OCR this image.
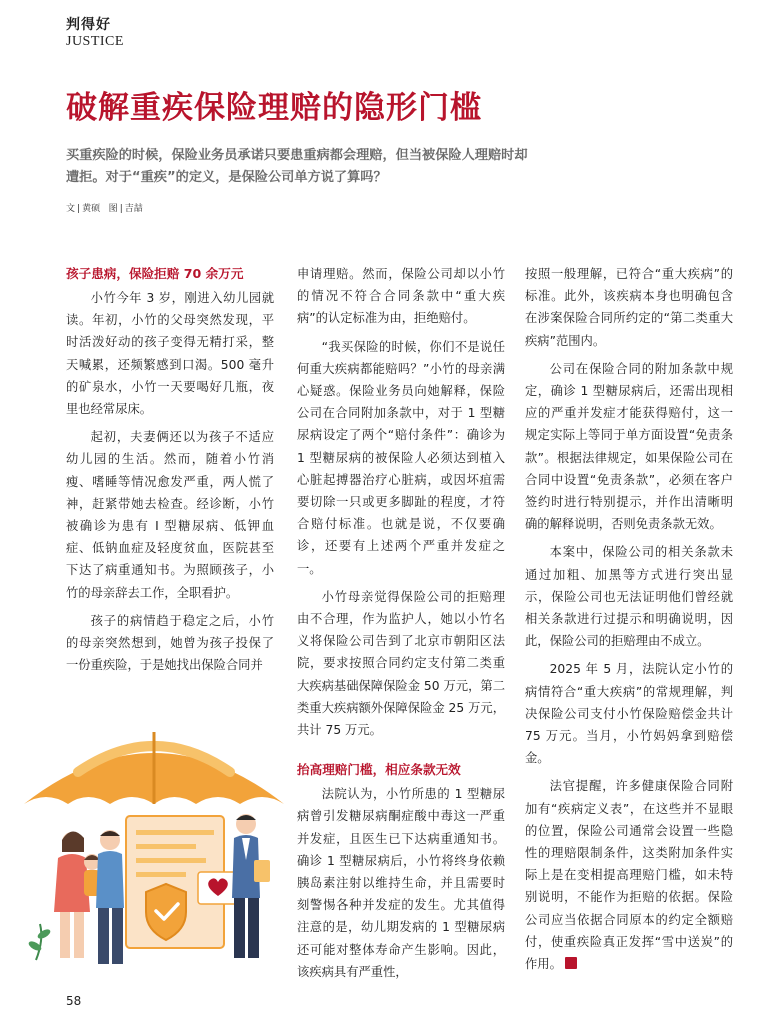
判得好
JUSTICE
破解重疾保险理赔的隐形门槛
买重疾险的时候，保险业务员承诺只要患重病都会理赔，但当被保险人理赔时却遭拒。对于“重疾”的定义，是保险公司单方说了算吗？
文 | 黄硕 图 | 吉喆
孩子患病，保险拒赔 70 余万元

小竹今年 3 岁，刚进入幼儿园就读。年初，小竹的父母突然发现，平时活泼好动的孩子变得无精打采，整天喊累，还频繁感到口渴。500 毫升的矿泉水，小竹一天要喝好几瓶，夜里也经常尿床。

起初，夫妻俩还以为孩子不适应幼儿园的生活。然而，随着小竹消瘦、嗜睡等情况愈发严重，两人慌了神，赶紧带她去检查。经诊断，小竹被确诊为患有 I 型糖尿病、低钾血症、低钠血症及轻度贫血，医院甚至下达了病重通知书。为照顾孩子，小竹的母亲辞去工作，全职看护。

孩子的病情趋于稳定之后，小竹的母亲突然想到，她曾为孩子投保了一份重疾险，于是她找出保险合同并

申请理赔。然而，保险公司却以小竹的情况不符合合同条款中“重大疾病”的认定标准为由，拒绝赔付。

“我买保险的时候，你们不是说任何重大疾病都能赔吗？”小竹的母亲满心疑惑。保险业务员向她解释，保险公司在合同附加条款中，对于 1 型糖尿病设定了两个“赔付条件”：确诊为 1 型糖尿病的被保险人必须达到植入心脏起搏器治疗心脏病，或因坏疽需要切除一只或更多脚趾的程度，才符合赔付标准。也就是说，不仅要确诊，还要有上述两个严重并发症之一。

小竹母亲觉得保险公司的拒赔理由不合理，作为监护人，她以小竹名义将保险公司告到了北京市朝阳区法院，要求按照合同约定支付第二类重大疾病基础保障保险金 50 万元，第二类重大疾病额外保障保险金 25 万元，共计 75 万元。

抬高理赔门槛，相应条款无效

法院认为，小竹所患的 1 型糖尿病曾引发糖尿病酮症酸中毒这一严重并发症，且医生已下达病重通知书。确诊 1 型糖尿病后，小竹将终身依赖胰岛素注射以维持生命，并且需要时刻警惕各种并发症的发生。尤其值得注意的是，幼儿期发病的 1 型糖尿病还可能对整体寿命产生影响。因此，该疾病具有严重性，

按照一般理解，已符合“重大疾病”的标准。此外，该疾病本身也明确包含在涉案保险合同所约定的“第二类重大疾病”范围内。

公司在保险合同的附加条款中规定，确诊 1 型糖尿病后，还需出现相应的严重并发症才能获得赔付，这一规定实际上等同于单方面设置“免责条款”。根据法律规定，如果保险公司在合同中设置“免责条款”，必须在客户签约时进行特别提示，并作出清晰明确的解释说明，否则免责条款无效。

本案中，保险公司的相关条款未通过加粗、加黑等方式进行突出显示，保险公司也无法证明他们曾经就相关条款进行过提示和明确说明，因此，保险公司的拒赔理由不成立。

2025 年 5 月，法院认定小竹的病情符合“重大疾病”的常规理解，判决保险公司支付小竹保险赔偿金共计 75 万元。当月，小竹妈妈拿到赔偿金。

法官提醒，许多健康保险合同附加有“疾病定义表”，在这些并不显眼的位置，保险公司通常会设置一些隐性的理赔限制条件，这类附加条件实际上是在变相提高理赔门槛，如未特别说明，不能作为拒赔的依据。保险公司应当依据合同原本的约定全额赔付，使重疾险真正发挥“雪中送炭”的作用。

58
